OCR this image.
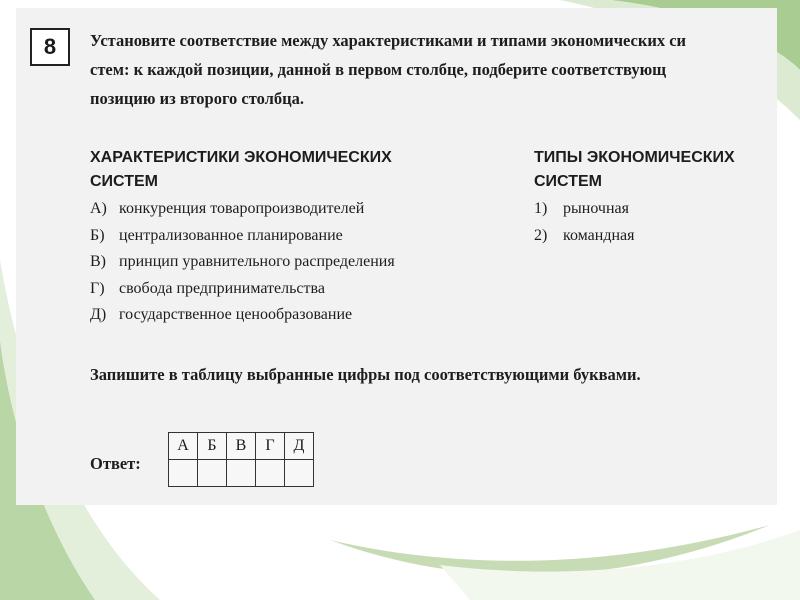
8	Установите соответствие между характеристиками и типами экономических си
стем: к каждой позиции, данной в первом столбце, подберите соответствующ
позицию из второго столбца.

ХАРАКТЕРИСТИКИ ЭКОНОМИЧЕСКИХ
СИСТЕМ
А) конкуренция товаропроизводителей
Б) централизованное планирование
В) принцип уравнительного распределения
Г) свобода предпринимательства
Д) государственное ценообразование
ТИПЫ ЭКОНОМИЧЕСКИХ
СИСТЕМ
1) рыночная
2) командная

Запишите в таблицу выбранные цифры под соответствующими буквами.

Ответ:
А	Б	В	Г	Д
